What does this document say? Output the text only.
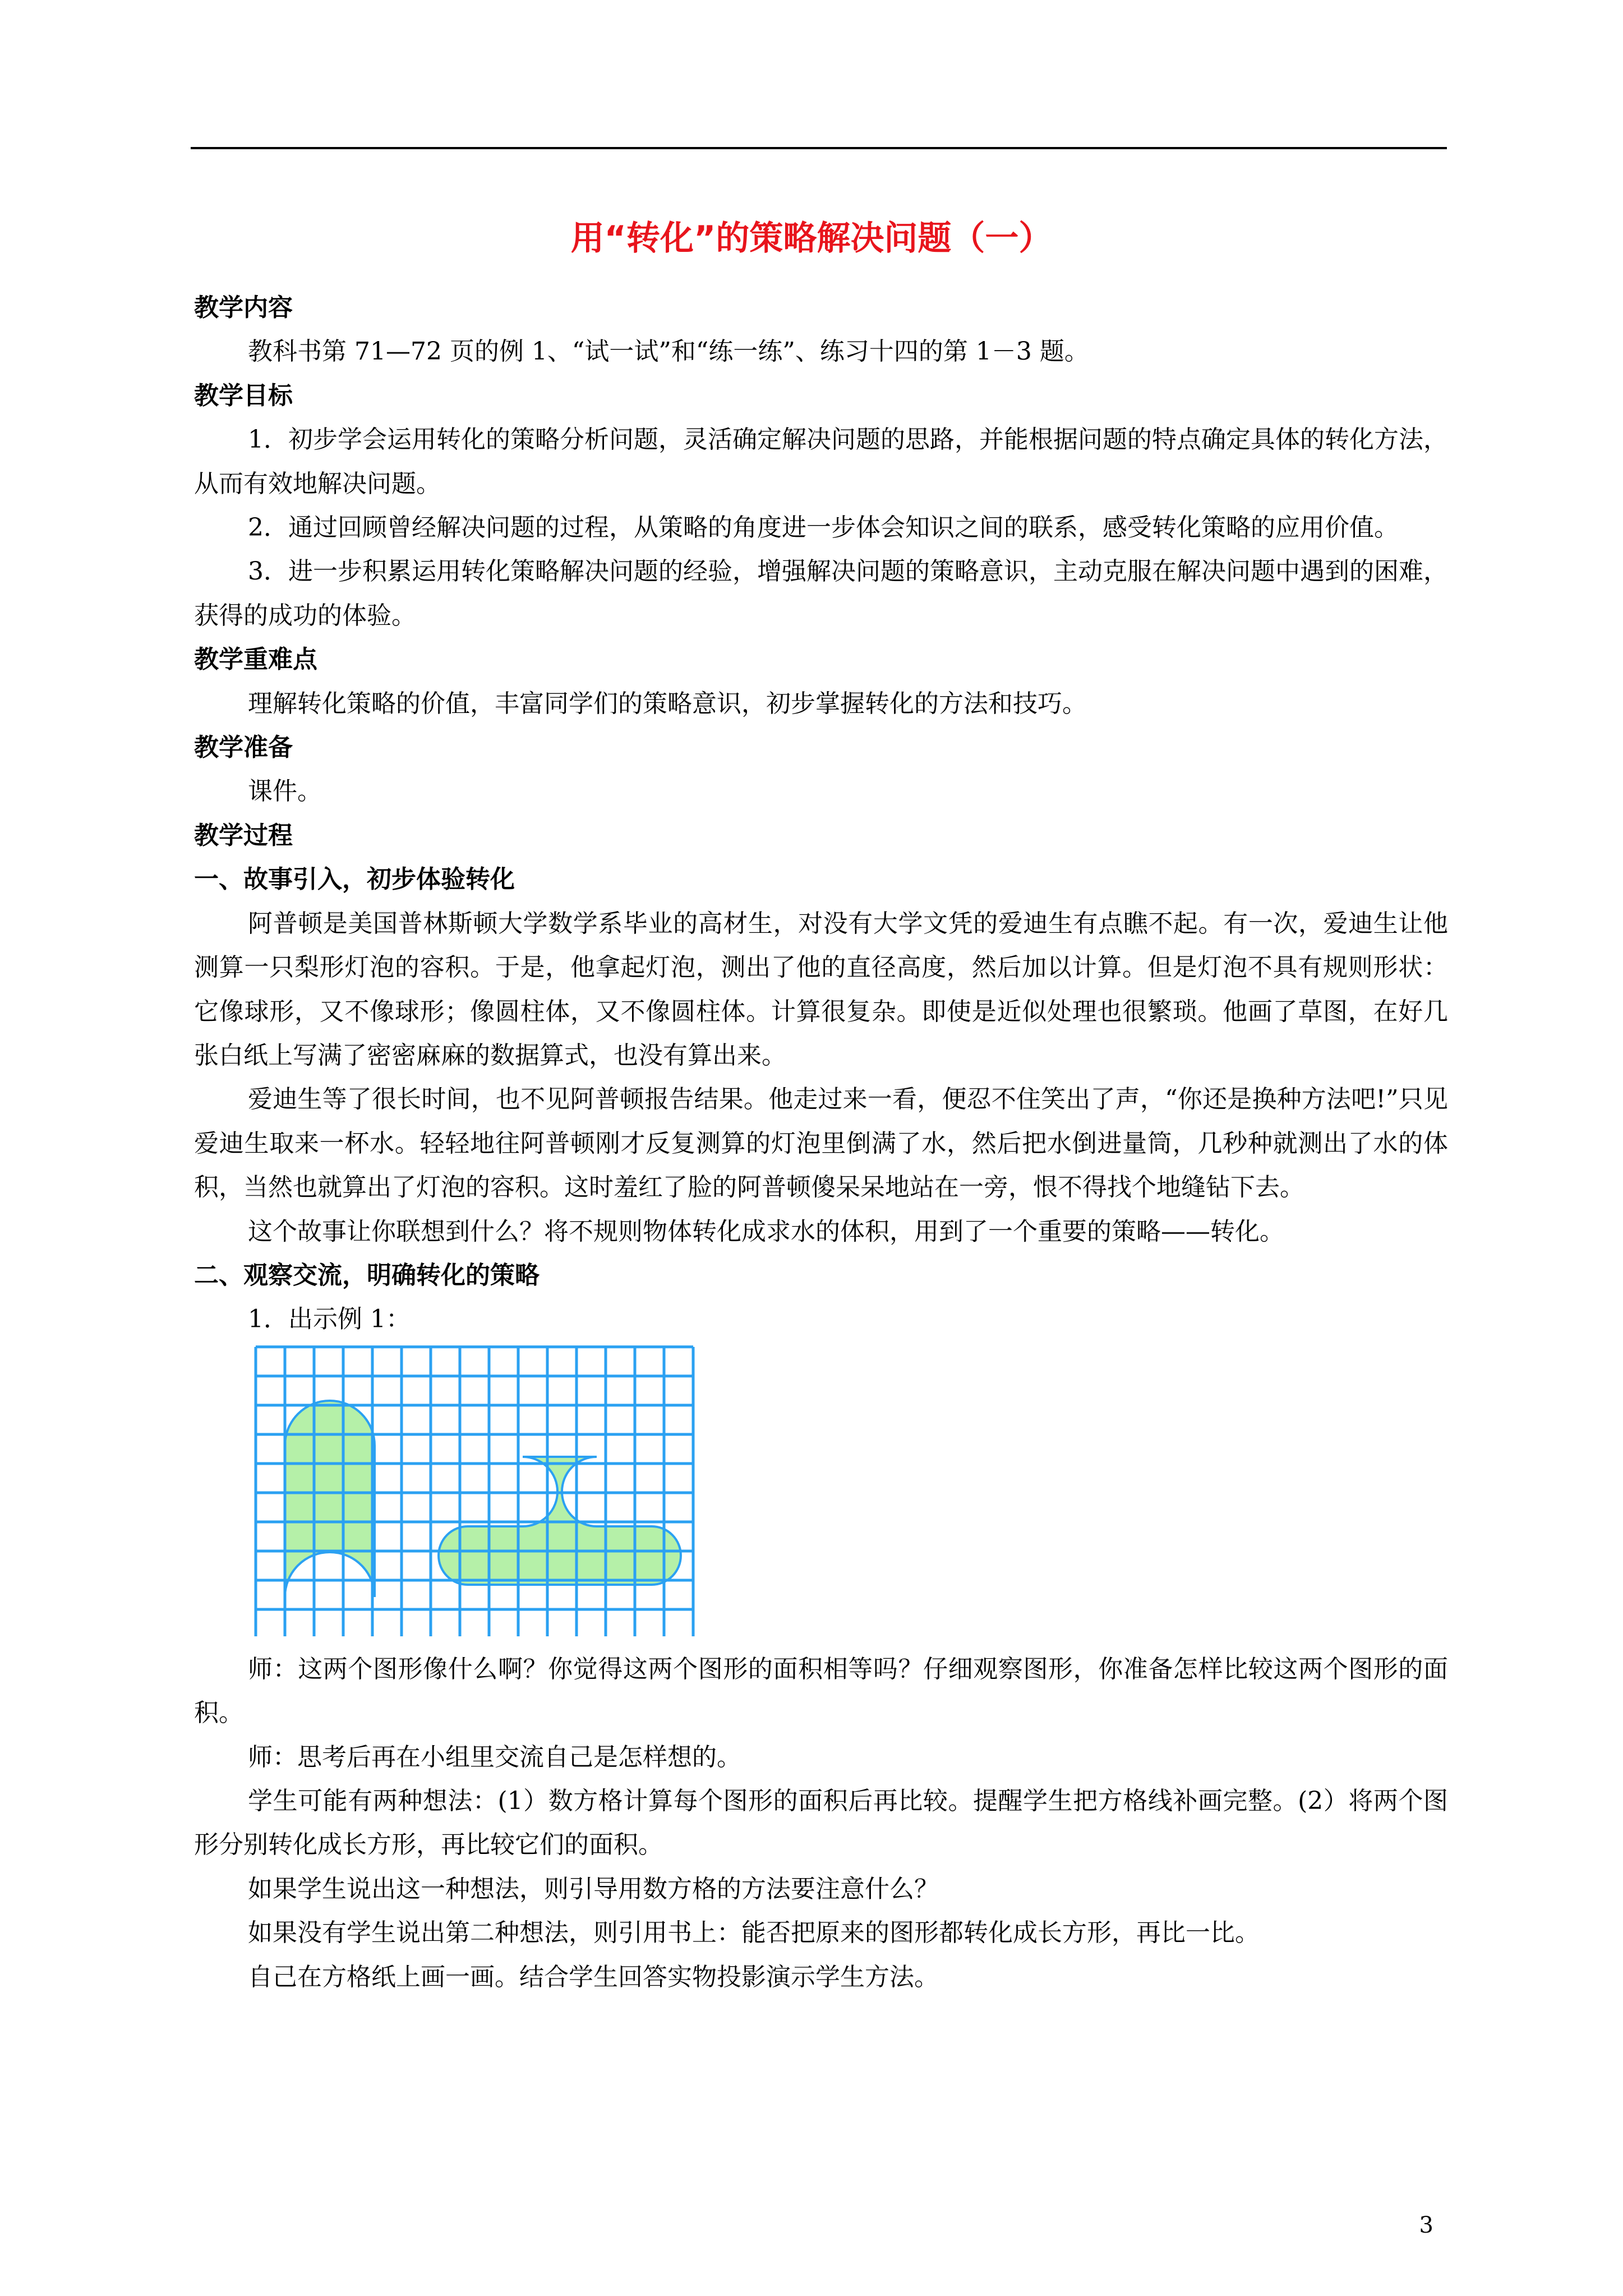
用“转化”的策略解决问题（一）

教学内容

教科书第 71—72 页的例 1、“试一试”和“练一练”、练习十四的第 1－3 题。

教学目标

1．初步学会运用转化的策略分析问题，灵活确定解决问题的思路，并能根据问题的特点确定具体的转化方法，从而有效地解决问题。

2．通过回顾曾经解决问题的过程，从策略的角度进一步体会知识之间的联系，感受转化策略的应用价值。

3．进一步积累运用转化策略解决问题的经验，增强解决问题的策略意识，主动克服在解决问题中遇到的困难，获得的成功的体验。

教学重难点

理解转化策略的价值，丰富同学们的策略意识，初步掌握转化的方法和技巧。

教学准备

课件。

教学过程

一、故事引入，初步体验转化

阿普顿是美国普林斯顿大学数学系毕业的高材生，对没有大学文凭的爱迪生有点瞧不起。有一次，爱迪生让他测算一只梨形灯泡的容积。于是，他拿起灯泡，测出了他的直径高度，然后加以计算。但是灯泡不具有规则形状：它像球形，又不像球形；像圆柱体，又不像圆柱体。计算很复杂。即使是近似处理也很繁琐。他画了草图，在好几张白纸上写满了密密麻麻的数据算式，也没有算出来。

爱迪生等了很长时间，也不见阿普顿报告结果。他走过来一看，便忍不住笑出了声，“你还是换种方法吧!”只见爱迪生取来一杯水。轻轻地往阿普顿刚才反复测算的灯泡里倒满了水，然后把水倒进量筒，几秒种就测出了水的体积，当然也就算出了灯泡的容积。这时羞红了脸的阿普顿傻呆呆地站在一旁，恨不得找个地缝钻下去。

这个故事让你联想到什么？将不规则物体转化成求水的体积，用到了一个重要的策略——转化。

二、观察交流，明确转化的策略

1．出示例 1：

师：这两个图形像什么啊？你觉得这两个图形的面积相等吗？仔细观察图形，你准备怎样比较这两个图形的面积。

师：思考后再在小组里交流自己是怎样想的。

学生可能有两种想法：(1）数方格计算每个图形的面积后再比较。提醒学生把方格线补画完整。(2）将两个图形分别转化成长方形，再比较它们的面积。

如果学生说出这一种想法，则引导用数方格的方法要注意什么？

如果没有学生说出第二种想法，则引用书上：能否把原来的图形都转化成长方形，再比一比。

自己在方格纸上画一画。结合学生回答实物投影演示学生方法。

3
